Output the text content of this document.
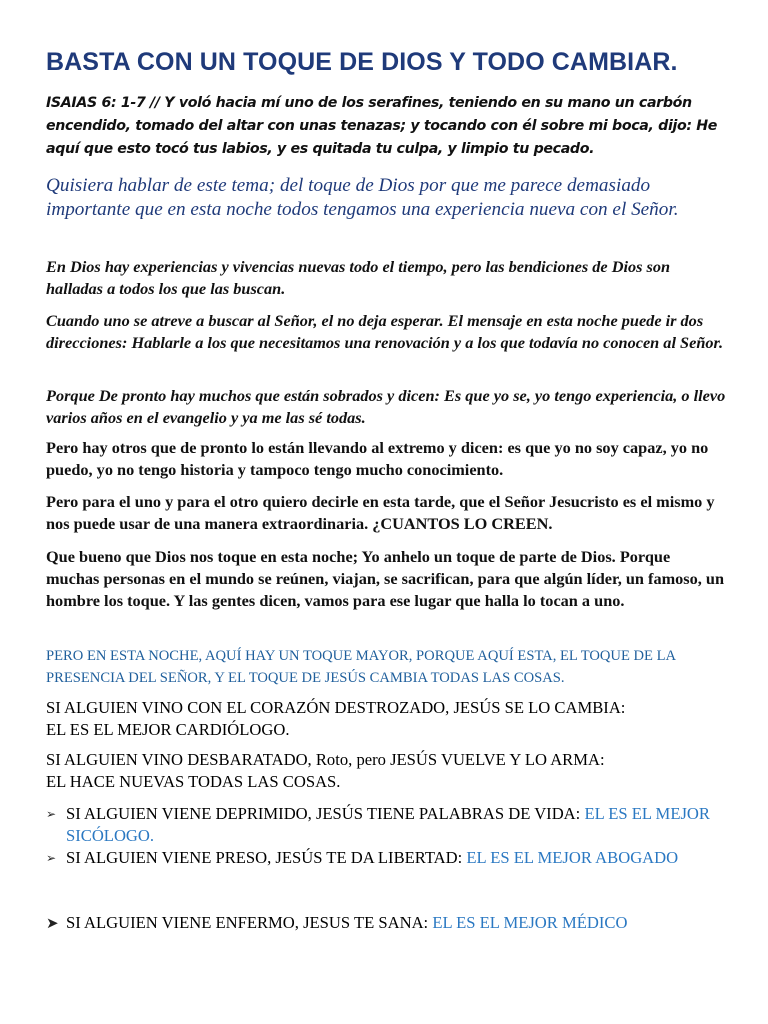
BASTA CON UN TOQUE DE DIOS Y TODO CAMBIAR.

ISAIAS 6: 1-7 // Y voló hacia mí uno de los serafines, teniendo en su mano un carbón encendido, tomado del altar con unas tenazas; y tocando con él sobre mi boca, dijo: He aquí que esto tocó tus labios, y es quitada tu culpa, y limpio tu pecado.

Quisiera hablar de este tema; del toque de Dios por que me parece demasiado importante que en esta noche todos tengamos una experiencia nueva con el Señor.

En Dios hay experiencias y vivencias nuevas todo el tiempo, pero las bendiciones de Dios son halladas a todos los que las buscan.

Cuando uno se atreve a buscar al Señor, el no deja esperar. El mensaje en esta noche puede ir dos direcciones: Hablarle a los que necesitamos una renovación y a los que todavía no conocen al Señor.

Porque De pronto hay muchos que están sobrados y dicen: Es que yo se, yo tengo experiencia, o llevo varios años en el evangelio y ya me las sé todas.

Pero hay otros que de pronto lo están llevando al extremo y dicen: es que yo no soy capaz, yo no puedo, yo no tengo historia y tampoco tengo mucho conocimiento.

Pero para el uno y para el otro quiero decirle en esta tarde, que el Señor Jesucristo es el mismo y nos puede usar de una manera extraordinaria. ¿CUANTOS LO CREEN.

Que bueno que Dios nos toque en esta noche; Yo anhelo un toque de parte de Dios. Porque muchas personas en el mundo se reúnen, viajan, se sacrifican, para que algún líder, un famoso, un hombre los toque. Y las gentes dicen, vamos para ese lugar que halla lo tocan a uno.

PERO EN ESTA NOCHE, AQUÍ HAY UN TOQUE MAYOR, PORQUE AQUÍ ESTA, EL TOQUE DE LA PRESENCIA DEL SEÑOR, Y EL TOQUE DE JESÚS CAMBIA TODAS LAS COSAS.

SI ALGUIEN VINO CON EL CORAZÓN DESTROZADO, JESÚS SE LO CAMBIA:
EL ES EL MEJOR CARDIÓLOGO.
SI ALGUIEN VINO DESBARATADO, Roto, pero JESÚS VUELVE Y LO ARMA:
EL HACE NUEVAS TODAS LAS COSAS.
➢ SI ALGUIEN VIENE DEPRIMIDO, JESÚS TIENE PALABRAS DE VIDA: EL ES EL MEJOR SICÓLOGO.
➢ SI ALGUIEN VIENE PRESO, JESÚS TE DA LIBERTAD: EL ES EL MEJOR ABOGADO
➤ SI ALGUIEN VIENE ENFERMO, JESUS TE SANA: EL ES EL MEJOR MÉDICO
